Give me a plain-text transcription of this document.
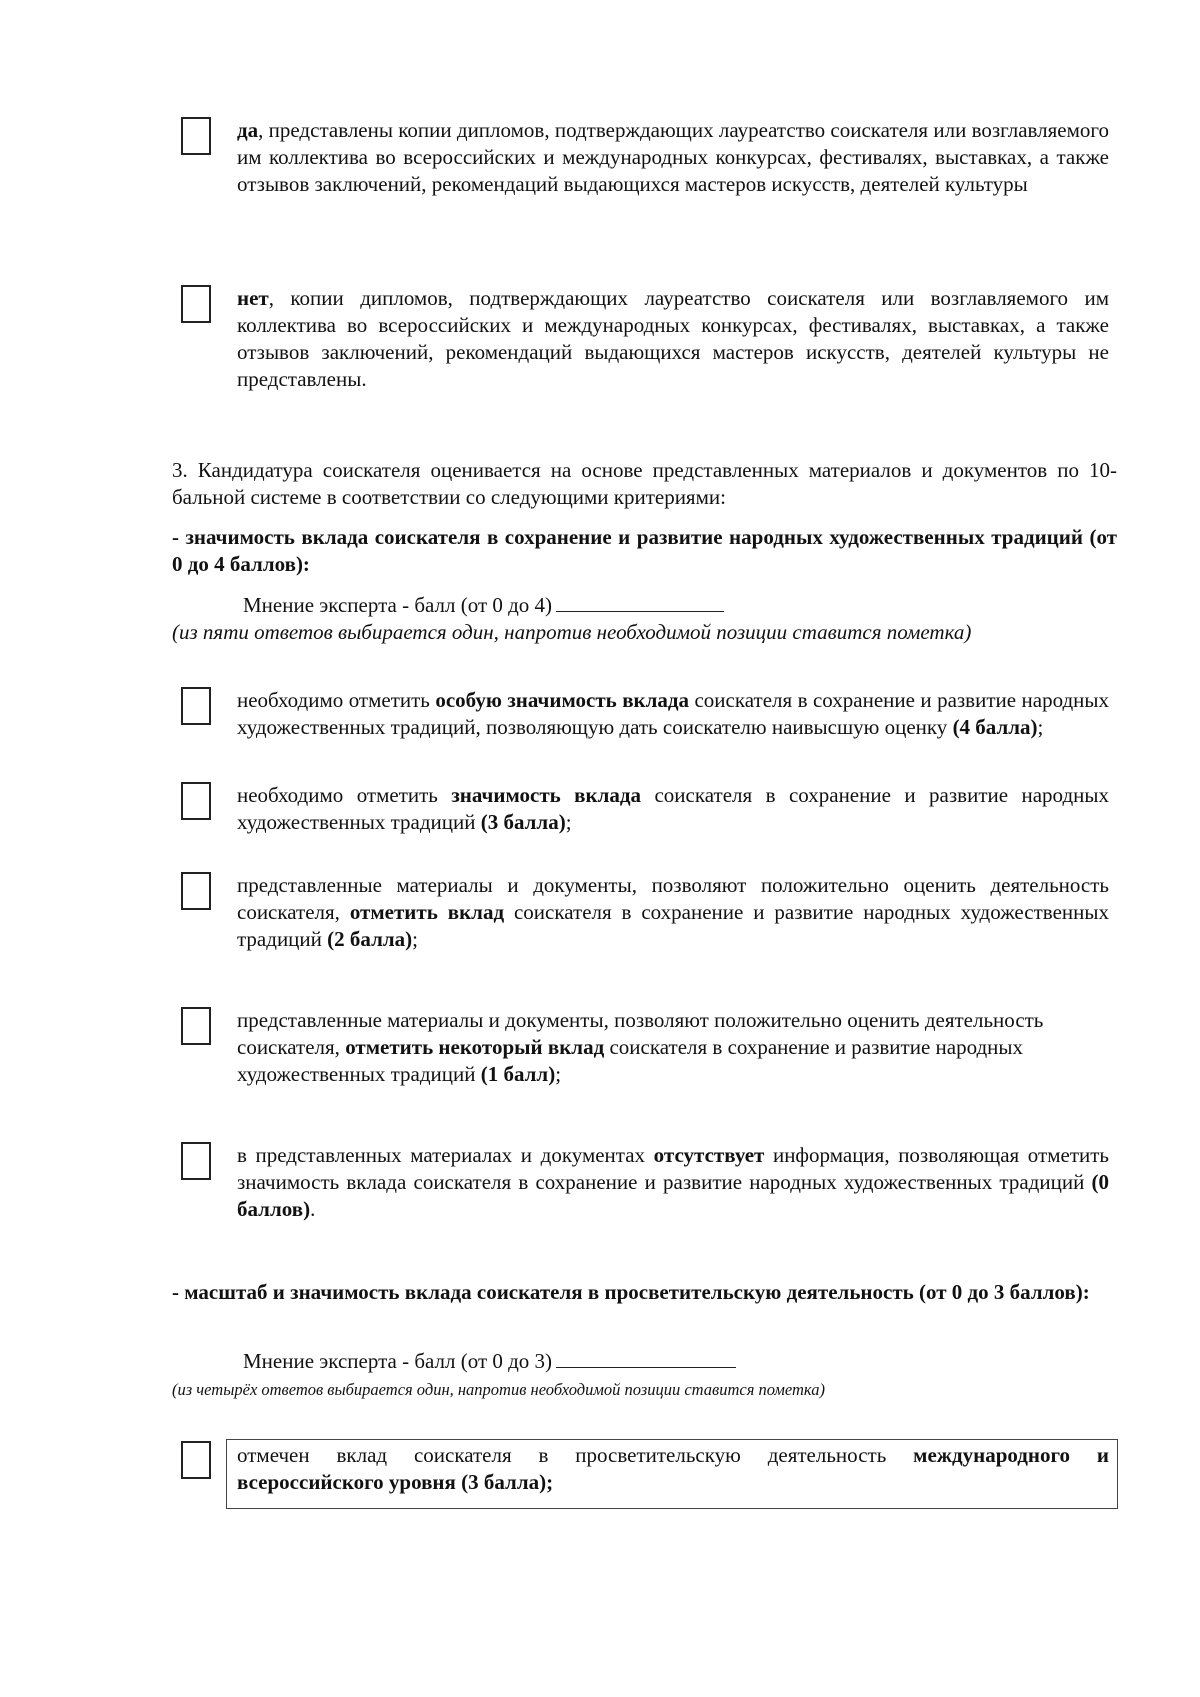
да, представлены копии дипломов, подтверждающих лауреатство соискателя или возглавляемого им коллектива во всероссийских и международных конкурсах, фестивалях, выставках, а также отзывов заключений, рекомендаций выдающихся мастеров искусств, деятелей культуры

нет, копии дипломов, подтверждающих лауреатство соискателя или возглавляемого им коллектива во всероссийских и международных конкурсах, фестивалях, выставках, а также отзывов заключений, рекомендаций выдающихся мастеров искусств, деятелей культуры не представлены.

3. Кандидатура соискателя оценивается на основе представленных материалов и документов по 10-бальной системе в соответствии со следующими критериями:

- значимость вклада соискателя в сохранение и развитие народных художественных традиций (от 0 до 4 баллов):

Мнение эксперта - балл (от 0 до 4)

(из пяти ответов выбирается один, напротив необходимой позиции ставится пометка)

необходимо отметить особую значимость вклада соискателя в сохранение и развитие народных художественных традиций, позволяющую дать соискателю наивысшую оценку (4 балла);

необходимо отметить значимость вклада соискателя в сохранение и развитие народных художественных традиций (3 балла);

представленные материалы и документы, позволяют положительно оценить деятельность соискателя, отметить вклад соискателя в сохранение и развитие народных художественных традиций (2 балла);

представленные материалы и документы, позволяют положительно оценить деятельность соискателя, отметить некоторый вклад соискателя в сохранение и развитие народных художественных традиций (1 балл);

в представленных материалах и документах отсутствует информация, позволяющая отметить значимость вклада соискателя в сохранение и развитие народных художественных традиций (0 баллов).

- масштаб и значимость вклада соискателя в просветительскую деятельность (от 0 до 3 баллов):

Мнение эксперта - балл (от 0 до 3)

(из четырёх ответов выбирается один, напротив необходимой позиции ставится пометка)

отмечен вклад соискателя в просветительскую деятельность международного и всероссийского уровня (3 балла);
